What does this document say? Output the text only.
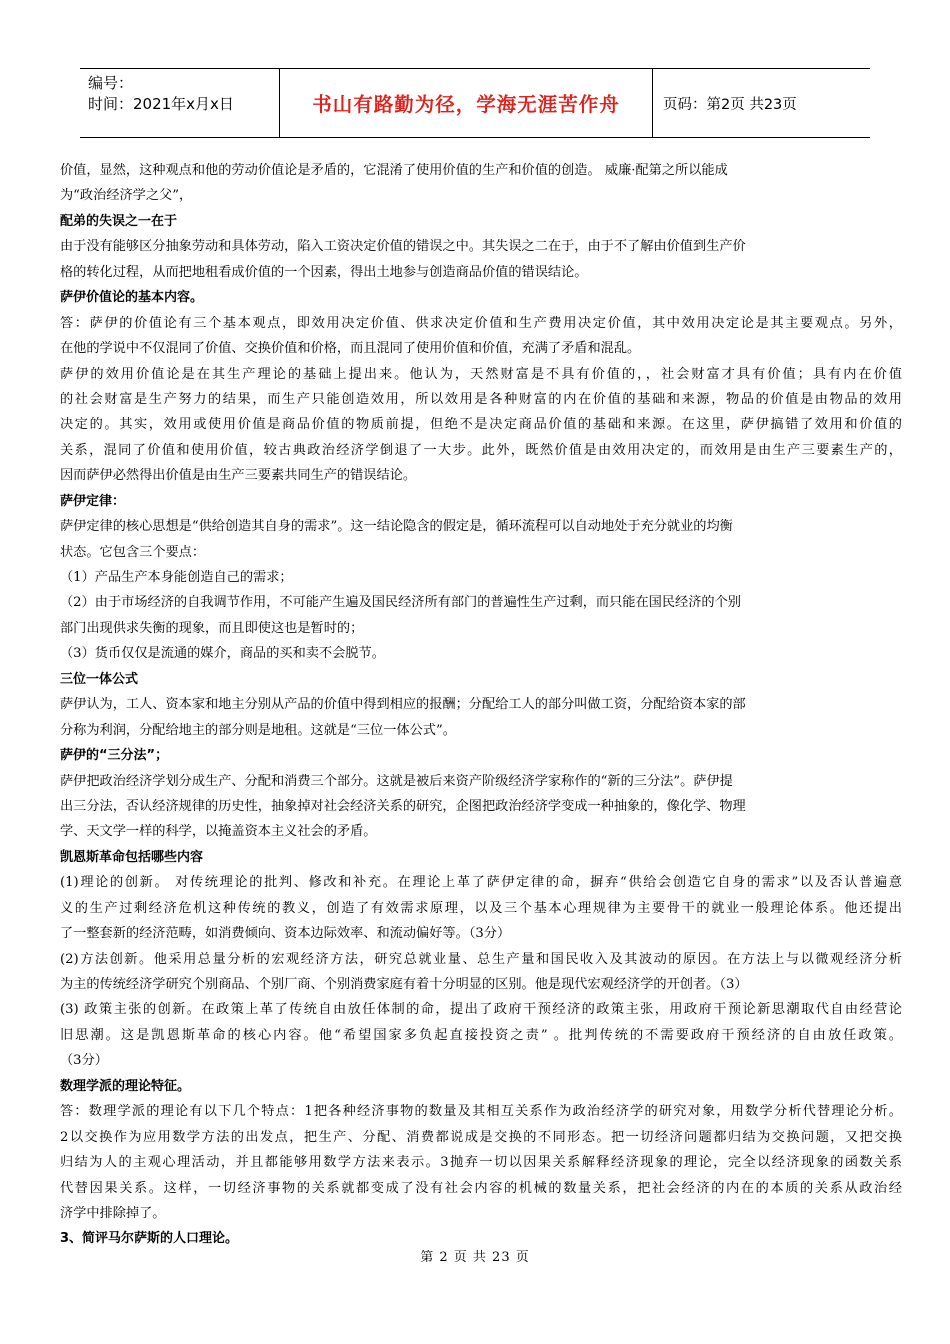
编号：
时间：2021年x月x日	书山有路勤为径，学海无涯苦作舟	页码：第2页 共23页
价值，显然，这种观点和他的劳动价值论是矛盾的，它混淆了使用价值的生产和价值的创造。 威廉·配第之所以能成
为“政治经济学之父”，
配弟的失误之一在于
由于没有能够区分抽象劳动和具体劳动，陷入工资决定价值的错误之中。其失误之二在于，由于不了解由价值到生产价
格的转化过程，从而把地租看成价值的一个因素，得出土地参与创造商品价值的错误结论。
萨伊价值论的基本内容。
答：萨伊的价值论有三个基本观点，即效用决定价值、供求决定价值和生产费用决定价值，其中效用决定论是其主要观点。另外，
在他的学说中不仅混同了价值、交换价值和价格，而且混同了使用价值和价值，充满了矛盾和混乱。
萨伊的效用价值论是在其生产理论的基础上提出来。他认为，天然财富是不具有价值的，，社会财富才具有价值；具有内在价值
的社会财富是生产努力的结果，而生产只能创造效用，所以效用是各种财富的内在价值的基础和来源，物品的价值是由物品的效用
决定的。其实，效用或使用价值是商品价值的物质前提，但绝不是决定商品价值的基础和来源。在这里，萨伊搞错了效用和价值的
关系，混同了价值和使用价值，较古典政治经济学倒退了一大步。此外，既然价值是由效用决定的，而效用是由生产三要素生产的，
因而萨伊必然得出价值是由生产三要素共同生产的错误结论。
萨伊定律：
萨伊定律的核心思想是“供给创造其自身的需求”。这一结论隐含的假定是，循环流程可以自动地处于充分就业的均衡
状态。它包含三个要点：
（1）产品生产本身能创造自己的需求；
（2）由于市场经济的自我调节作用，不可能产生遍及国民经济所有部门的普遍性生产过剩，而只能在国民经济的个别
部门出现供求失衡的现象，而且即使这也是暂时的；
（3）货币仅仅是流通的媒介，商品的买和卖不会脱节。
三位一体公式
萨伊认为，工人、资本家和地主分别从产品的价值中得到相应的报酬；分配给工人的部分叫做工资，分配给资本家的部
分称为利润，分配给地主的部分则是地租。这就是“三位一体公式”。
萨伊的“三分法”；
萨伊把政治经济学划分成生产、分配和消费三个部分。这就是被后来资产阶级经济学家称作的“新的三分法”。萨伊提
出三分法，否认经济规律的历史性，抽象掉对社会经济关系的研究，企图把政治经济学变成一种抽象的，像化学、物理
学、天文学一样的科学，以掩盖资本主义社会的矛盾。
凯恩斯革命包括哪些内容
(1)理论的创新。 对传统理论的批判、修改和补充。在理论上革了萨伊定律的命，摒弃“供给会创造它自身的需求”以及否认普遍意
义的生产过剩经济危机这种传统的教义，创造了有效需求原理，以及三个基本心理规律为主要骨干的就业一般理论体系。他还提出
了一整套新的经济范畴，如消费倾向、资本边际效率、和流动偏好等。（3分）
(2)方法创新。他采用总量分析的宏观经济方法，研究总就业量、总生产量和国民收入及其波动的原因。在方法上与以微观经济分析
为主的传统经济学研究个别商品、个别厂商、个别消费家庭有着十分明显的区别。他是现代宏观经济学的开创者。（3）
(3) 政策主张的创新。在政策上革了传统自由放任体制的命，提出了政府干预经济的政策主张，用政府干预论新思潮取代自由经营论
旧思潮。这是凯恩斯革命的核心内容。他“希望国家多负起直接投资之责” 。批判传统的不需要政府干预经济的自由放任政策。
（3分）
数理学派的理论特征。
答：数理学派的理论有以下几个特点：1把各种经济事物的数量及其相互关系作为政治经济学的研究对象，用数学分析代替理论分析。
2以交换作为应用数学方法的出发点，把生产、分配、消费都说成是交换的不同形态。把一切经济问题都归结为交换问题，又把交换
归结为人的主观心理活动，并且都能够用数学方法来表示。3抛弃一切以因果关系解释经济现象的理论，完全以经济现象的函数关系
代替因果关系。这样，一切经济事物的关系就都变成了没有社会内容的机械的数量关系，把社会经济的内在的本质的关系从政治经
济学中排除掉了。
3、简评马尔萨斯的人口理论。
第 2 页 共 23 页
